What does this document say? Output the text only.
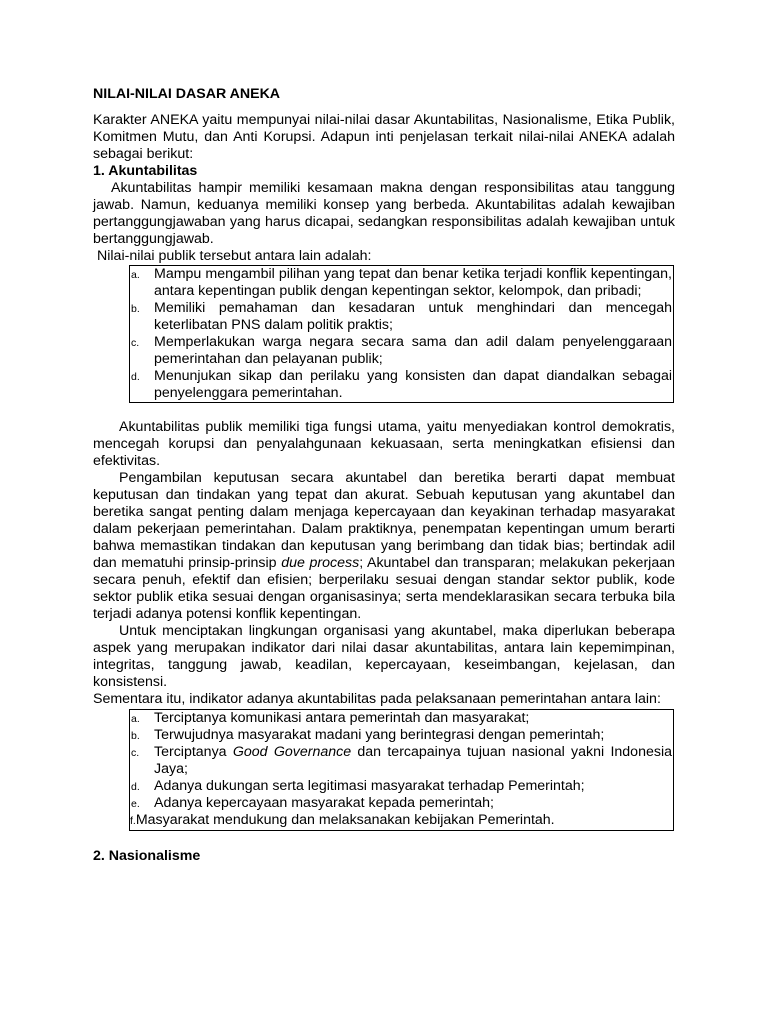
NILAI-NILAI DASAR ANEKA

Karakter ANEKA yaitu mempunyai nilai-nilai dasar Akuntabilitas, Nasionalisme, Etika Publik, Komitmen Mutu, dan Anti Korupsi. Adapun inti penjelasan terkait nilai-nilai ANEKA adalah sebagai berikut:

1. Akuntabilitas

Akuntabilitas hampir memiliki kesamaan makna dengan responsibilitas atau tanggung jawab. Namun, keduanya memiliki konsep yang berbeda. Akuntabilitas adalah kewajiban pertanggungjawaban yang harus dicapai, sedangkan responsibilitas adalah kewajiban untuk bertanggungjawab.

Nilai-nilai publik tersebut antara lain adalah:

a. Mampu mengambil pilihan yang tepat dan benar ketika terjadi konflik kepentingan, antara kepentingan publik dengan kepentingan sektor, kelompok, dan pribadi;
b. Memiliki pemahaman dan kesadaran untuk menghindari dan mencegah keterlibatan PNS dalam politik praktis;
c. Memperlakukan warga negara secara sama dan adil dalam penyelenggaraan pemerintahan dan pelayanan publik;
d. Menunjukan sikap dan perilaku yang konsisten dan dapat diandalkan sebagai penyelenggara pemerintahan.

Akuntabilitas publik memiliki tiga fungsi utama, yaitu menyediakan kontrol demokratis, mencegah korupsi dan penyalahgunaan kekuasaan, serta meningkatkan efisiensi dan efektivitas.

Pengambilan keputusan secara akuntabel dan beretika berarti dapat membuat keputusan dan tindakan yang tepat dan akurat. Sebuah keputusan yang akuntabel dan beretika sangat penting dalam menjaga kepercayaan dan keyakinan terhadap masyarakat dalam pekerjaan pemerintahan. Dalam praktiknya, penempatan kepentingan umum berarti bahwa memastikan tindakan dan keputusan yang berimbang dan tidak bias; bertindak adil dan mematuhi prinsip-prinsip due process; Akuntabel dan transparan; melakukan pekerjaan secara penuh, efektif dan efisien; berperilaku sesuai dengan standar sektor publik, kode sektor publik etika sesuai dengan organisasinya; serta mendeklarasikan secara terbuka bila terjadi adanya potensi konflik kepentingan.

Untuk menciptakan lingkungan organisasi yang akuntabel, maka diperlukan beberapa aspek yang merupakan indikator dari nilai dasar akuntabilitas, antara lain kepemimpinan, integritas, tanggung jawab, keadilan, kepercayaan, keseimbangan, kejelasan, dan konsistensi.

Sementara itu, indikator adanya akuntabilitas pada pelaksanaan pemerintahan antara lain:

a. Terciptanya komunikasi antara pemerintah dan masyarakat;
b. Terwujudnya masyarakat madani yang berintegrasi dengan pemerintah;
c. Terciptanya Good Governance dan tercapainya tujuan nasional yakni Indonesia Jaya;
d. Adanya dukungan serta legitimasi masyarakat terhadap Pemerintah;
e. Adanya kepercayaan masyarakat kepada pemerintah;
f.Masyarakat mendukung dan melaksanakan kebijakan Pemerintah.

2. Nasionalisme
